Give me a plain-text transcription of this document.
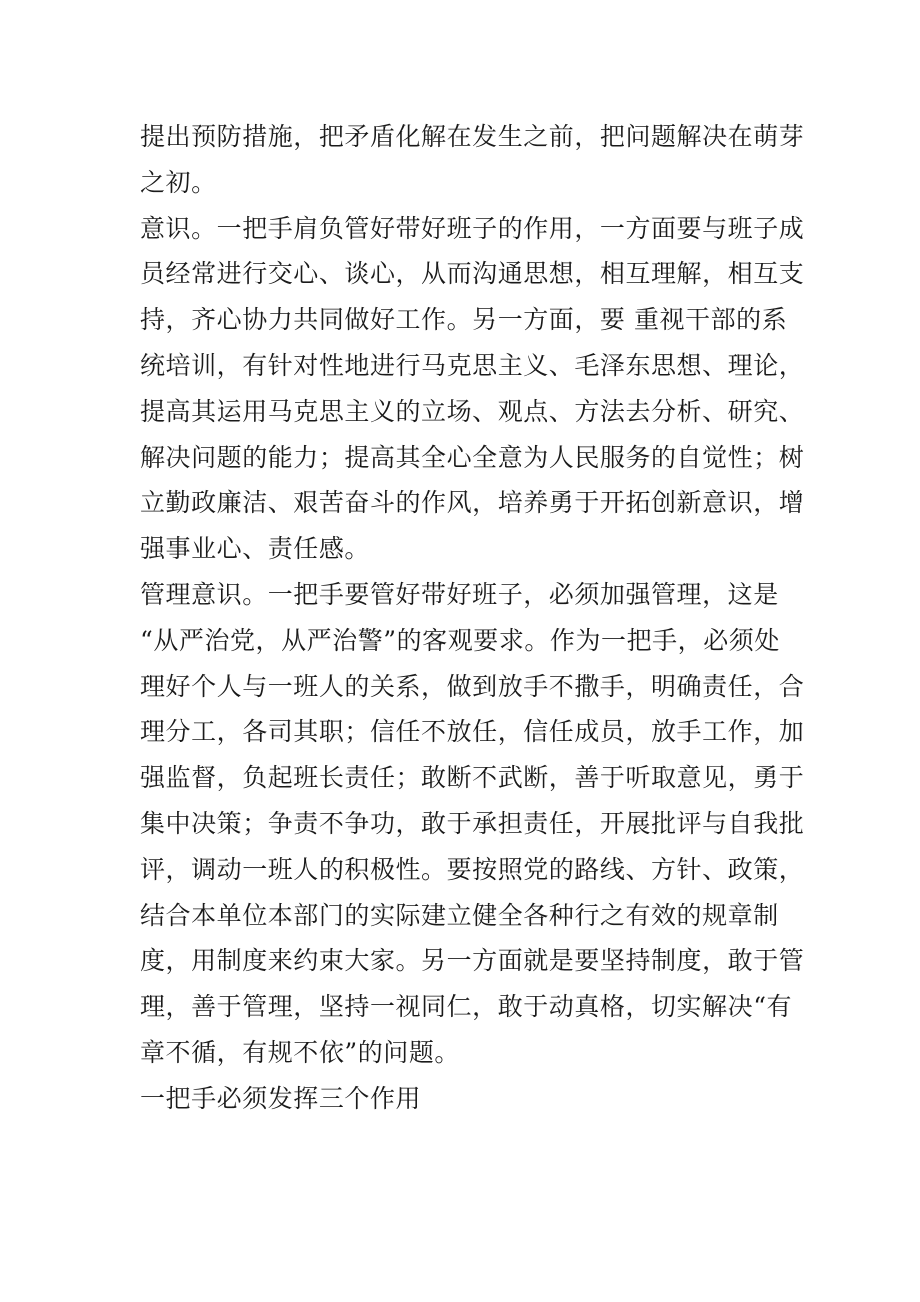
提出预防措施，把矛盾化解在发生之前，把问题解决在萌芽
之初。
意识。一把手肩负管好带好班子的作用，一方面要与班子成
员经常进行交心、谈心，从而沟通思想，相互理解，相互支
持，齐心协力共同做好工作。另一方面，要 重视干部的系
统培训，有针对性地进行马克思主义、毛泽东思想、理论，
提高其运用马克思主义的立场、观点、方法去分析、研究、
解决问题的能力；提高其全心全意为人民服务的自觉性；树
立勤政廉洁、艰苦奋斗的作风，培养勇于开拓创新意识，增
强事业心、责任感。
管理意识。一把手要管好带好班子，必须加强管理，这是
“从严治党，从严治警”的客观要求。作为一把手，必须处
理好个人与一班人的关系，做到放手不撒手，明确责任，合
理分工，各司其职；信任不放任，信任成员，放手工作，加
强监督，负起班长责任；敢断不武断，善于听取意见，勇于
集中决策；争责不争功，敢于承担责任，开展批评与自我批
评，调动一班人的积极性。要按照党的路线、方针、政策，
结合本单位本部门的实际建立健全各种行之有效的规章制
度，用制度来约束大家。另一方面就是要坚持制度，敢于管
理，善于管理，坚持一视同仁，敢于动真格，切实解决“有
章不循，有规不依”的问题。
一把手必须发挥三个作用
